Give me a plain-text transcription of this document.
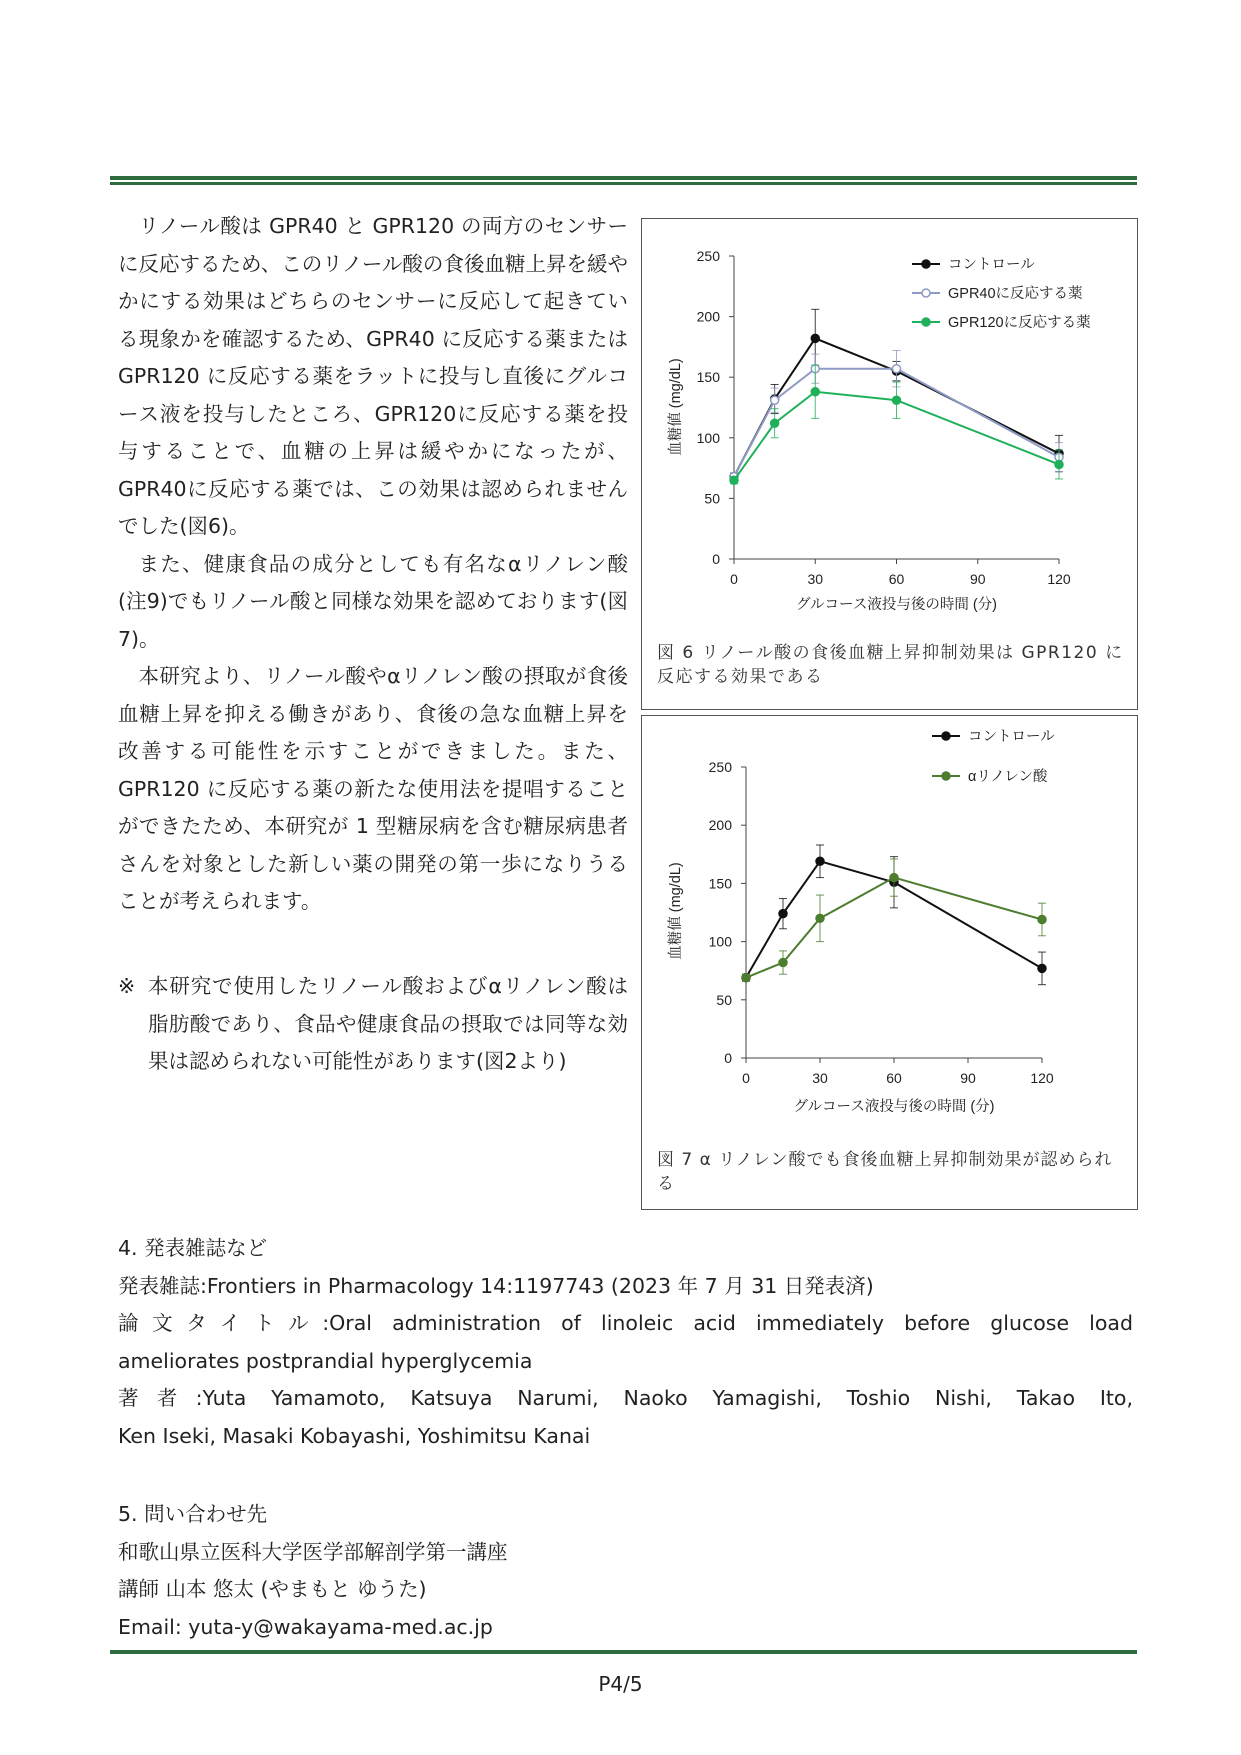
リノール酸は GPR40 と GPR120 の両方のセンサーに反応するため、このリノール酸の食後血糖上昇を緩やかにする効果はどちらのセンサーに反応して起きている現象かを確認するため、GPR40 に反応する薬または GPR120 に反応する薬をラットに投与し直後にグルコース液を投与したところ、GPR120に反応する薬を投与することで、血糖の上昇は緩やかになったが、GPR40に反応する薬では、この効果は認められませんでした(図6)。

また、健康食品の成分としても有名なαリノレン酸(注9)でもリノール酸と同様な効果を認めております(図7)。

本研究より、リノール酸やαリノレン酸の摂取が食後血糖上昇を抑える働きがあり、食後の急な血糖上昇を改善する可能性を示すことができました。また、GPR120 に反応する薬の新たな使用法を提唱することができたため、本研究が 1 型糖尿病を含む糖尿病患者さんを対象とした新しい薬の開発の第一歩になりうることが考えられます。

※ 本研究で使用したリノール酸およびαリノレン酸は脂肪酸であり、食品や健康食品の摂取では同等な効果は認められない可能性があります(図2より)
0
50
100
150
200
250
0	30	60	90	120
グルコース液投与後の時間 (分)
血糖値 (mg/dL)
コントロール
GPR40に反応する薬
GPR120に反応する薬
図 6 リノール酸の食後血糖上昇抑制効果は GPR120 に反応する効果である
0
50
100
150
200
250
0	30	60	90	120
グルコース液投与後の時間 (分)
血糖値 (mg/dL)
コントロール
αリノレン酸
図 7 α リノレン酸でも食後血糖上昇抑制効果が認められる

4. 発表雑誌など

発表雑誌:Frontiers in Pharmacology 14:1197743 (2023 年 7 月 31 日発表済)

論文タイトル:Oral administration of linoleic acid immediately before glucose load

ameliorates postprandial hyperglycemia

著者:Yuta Yamamoto, Katsuya Narumi, Naoko Yamagishi, Toshio Nishi, Takao Ito,

Ken Iseki, Masaki Kobayashi, Yoshimitsu Kanai

5. 問い合わせ先

和歌山県立医科大学医学部解剖学第一講座

講師 山本 悠太 (やまもと ゆうた)

Email: yuta-y@wakayama-med.ac.jp

P4/5
